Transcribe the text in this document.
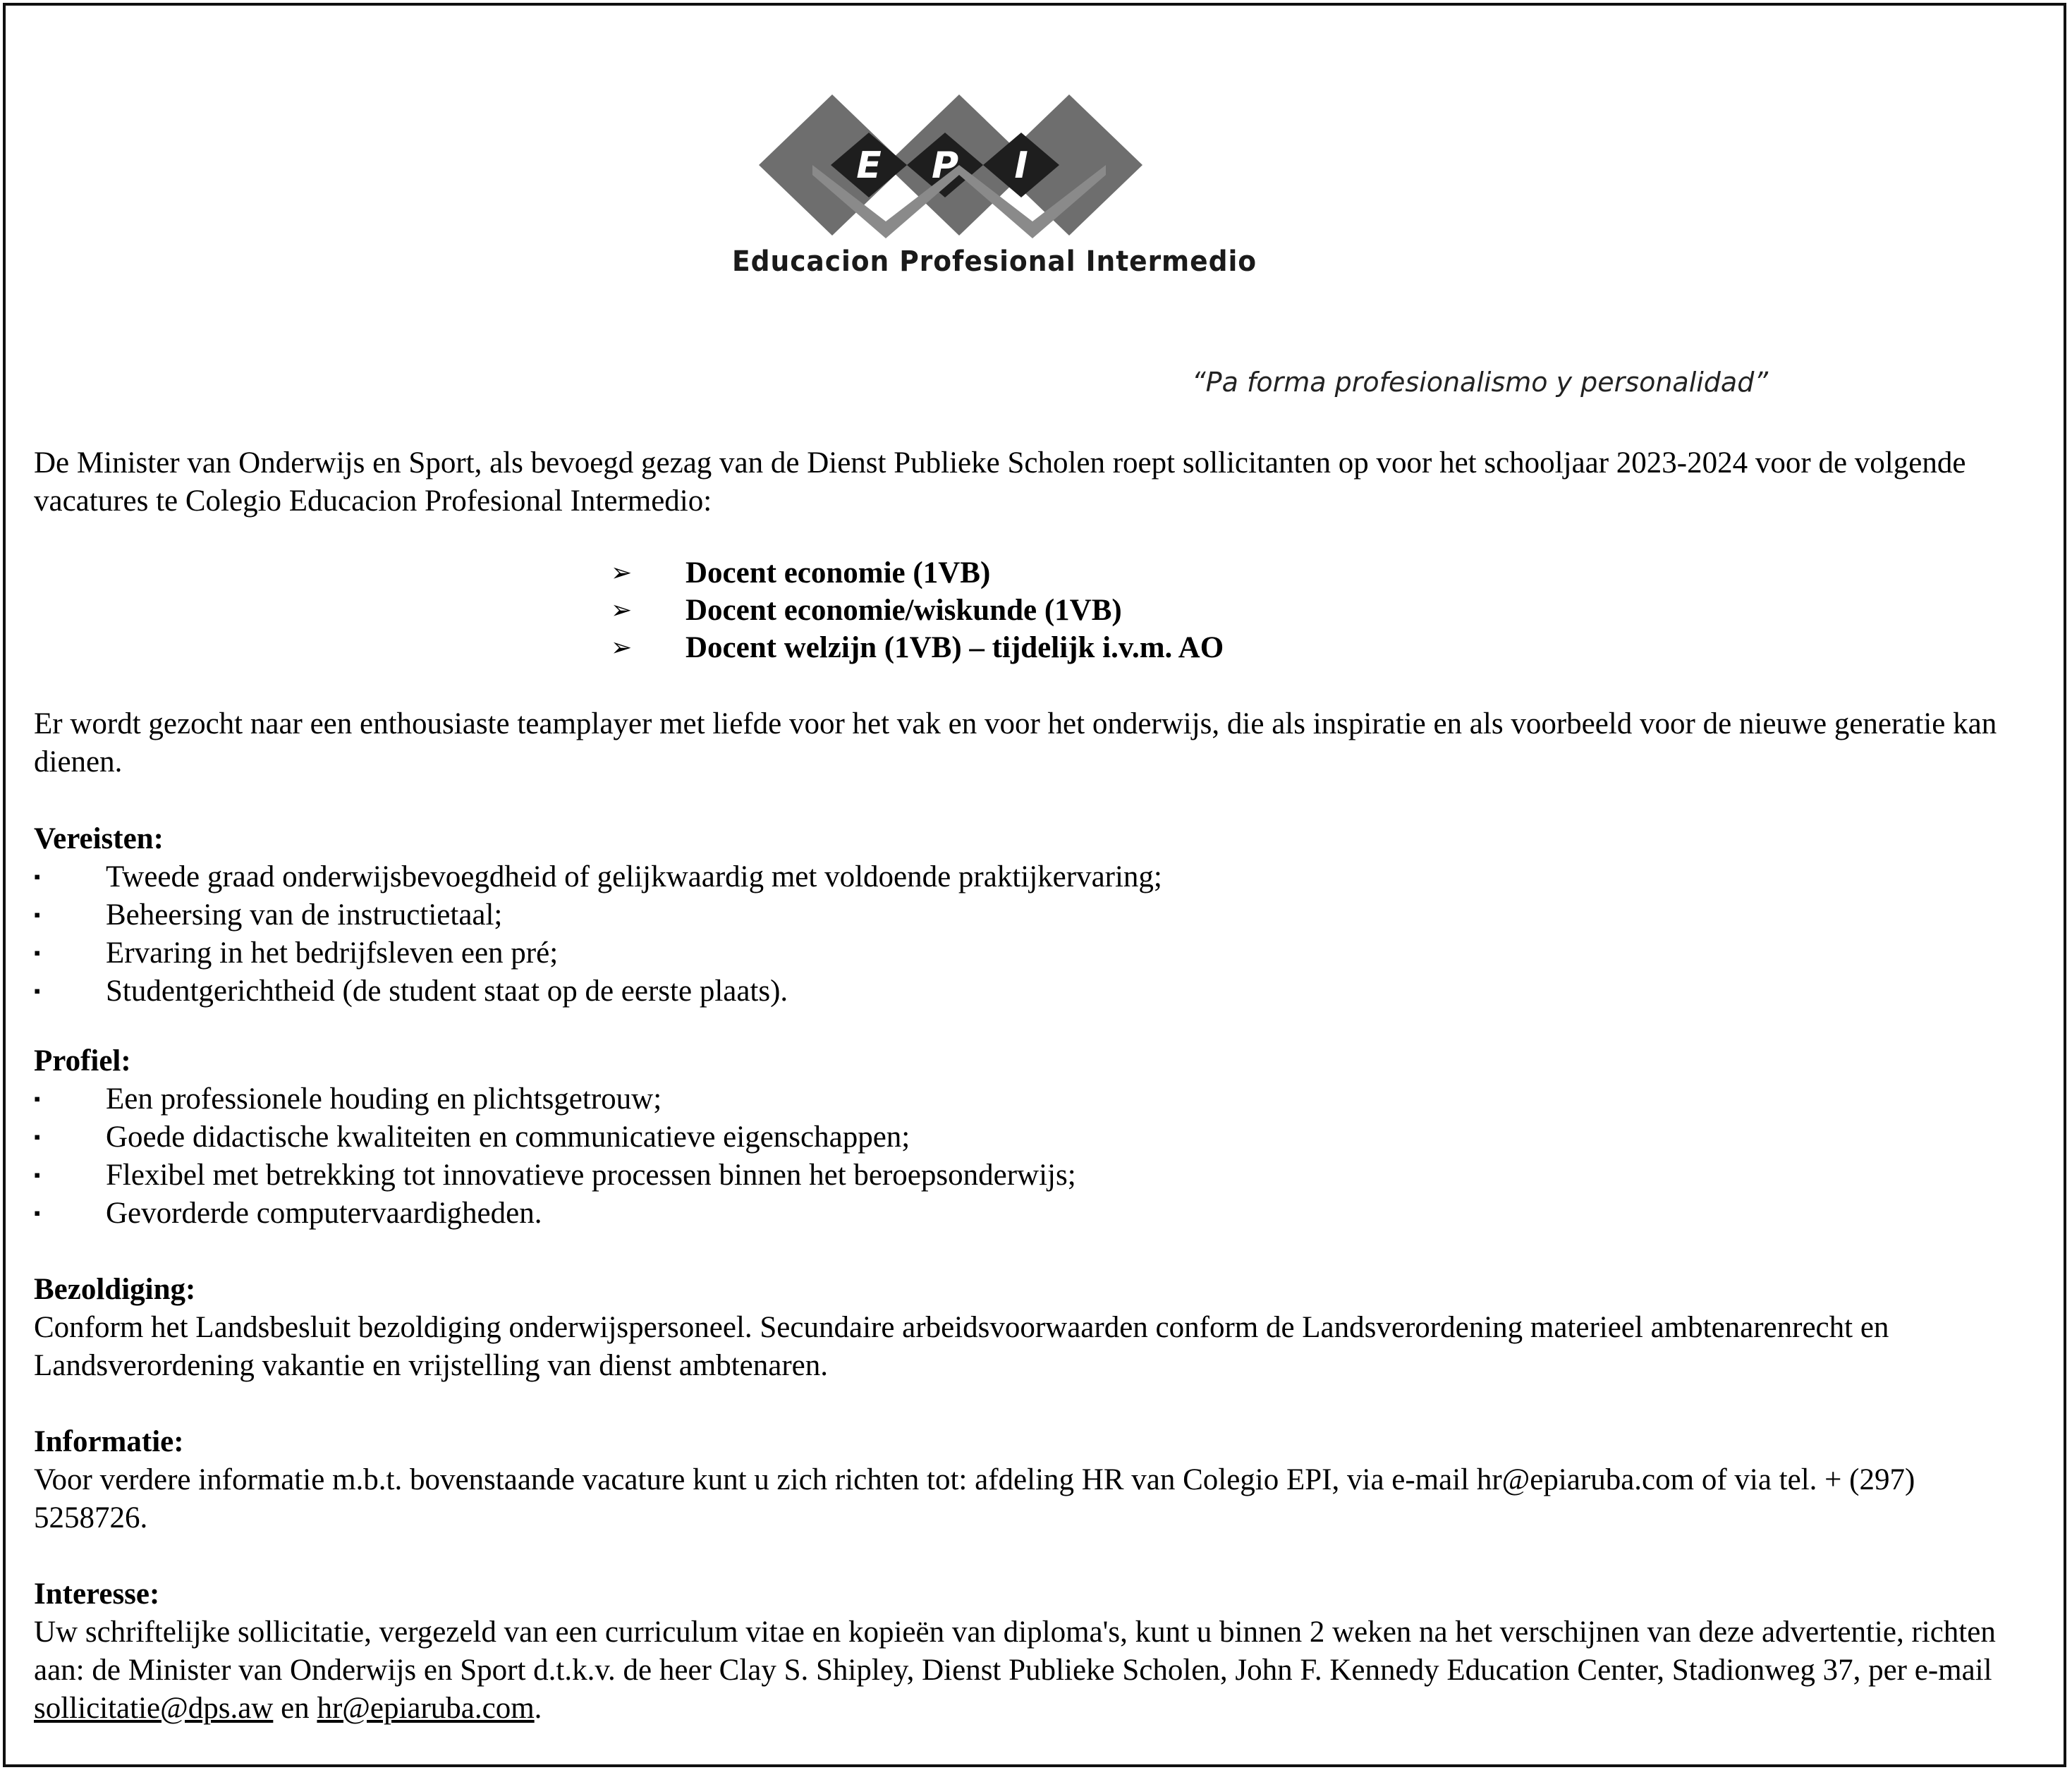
E P I
Educacion Profesional Intermedio
“Pa forma profesionalismo y personalidad”

De Minister van Onderwijs en Sport, als bevoegd gezag van de Dienst Publieke Scholen roept sollicitanten op voor het schooljaar 2023-2024 voor de volgende vacatures te Colegio Educacion Profesional Intermedio:

➢	Docent economie (1VB)
➢	Docent economie/wiskunde (1VB)
➢	Docent welzijn (1VB) – tijdelijk i.v.m. AO

Er wordt gezocht naar een enthousiaste teamplayer met liefde voor het vak en voor het onderwijs, die als inspiratie en als voorbeeld voor de nieuwe generatie kan dienen.

Vereisten:
▪	Tweede graad onderwijsbevoegdheid of gelijkwaardig met voldoende praktijkervaring;
▪	Beheersing van de instructietaal;
▪	Ervaring in het bedrijfsleven een pré;
▪	Studentgerichtheid (de student staat op de eerste plaats).
Profiel:
▪	Een professionele houding en plichtsgetrouw;
▪	Goede didactische kwaliteiten en communicatieve eigenschappen;
▪	Flexibel met betrekking tot innovatieve processen binnen het beroepsonderwijs;
▪	Gevorderde computervaardigheden.
Bezoldiging:

Conform het Landsbesluit bezoldiging onderwijspersoneel. Secundaire arbeidsvoorwaarden conform de Landsverordening materieel ambtenarenrecht en Landsverordening vakantie en vrijstelling van dienst ambtenaren.

Informatie:

Voor verdere informatie m.b.t. bovenstaande vacature kunt u zich richten tot: afdeling HR van Colegio EPI, via e-mail hr@epiaruba.com of via tel. + (297) 5258726.

Interesse:

Uw schriftelijke sollicitatie, vergezeld van een curriculum vitae en kopieën van diploma's, kunt u binnen 2 weken na het verschijnen van deze advertentie, richten aan: de Minister van Onderwijs en Sport d.t.k.v. de heer Clay S. Shipley, Dienst Publieke Scholen, John F. Kennedy Education Center, Stadionweg 37, per e-mail sollicitatie@dps.aw en hr@epiaruba.com.
